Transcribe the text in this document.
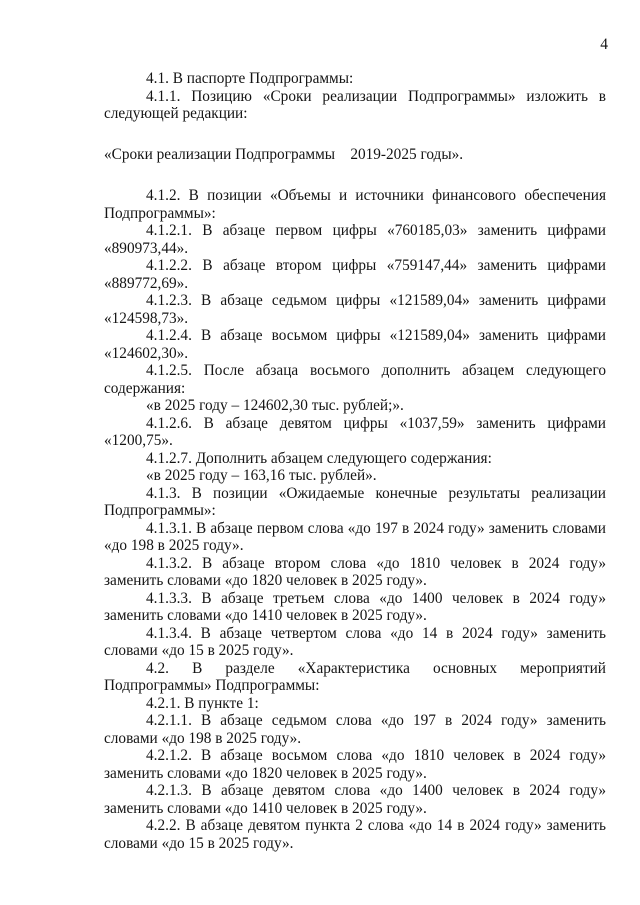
4

4.1. В паспорте Подпрограммы:

4.1.1. Позицию «Сроки реализации Подпрограммы» изложить в следующей редакции:

«Сроки реализации Подпрограммы    2019-2025 годы».

4.1.2. В позиции «Объемы и источники финансового обеспечения Подпрограммы»:

4.1.2.1. В абзаце первом цифры «760185,03» заменить цифрами «890973,44».

4.1.2.2. В абзаце втором цифры «759147,44» заменить цифрами «889772,69».

4.1.2.3. В абзаце седьмом цифры «121589,04» заменить цифрами «124598,73».

4.1.2.4. В абзаце восьмом цифры «121589,04» заменить цифрами «124602,30».

4.1.2.5. После абзаца восьмого дополнить абзацем следующего содержания:

«в 2025 году – 124602,30 тыс. рублей;».

4.1.2.6. В абзаце девятом цифры «1037,59» заменить цифрами «1200,75».

4.1.2.7. Дополнить абзацем следующего содержания:

«в 2025 году – 163,16 тыс. рублей».

4.1.3. В позиции «Ожидаемые конечные результаты реализации Подпрограммы»:

4.1.3.1. В абзаце первом слова «до 197 в 2024 году» заменить словами «до 198 в 2025 году».

4.1.3.2. В абзаце втором слова «до 1810 человек в 2024 году» заменить словами «до 1820 человек в 2025 году».

4.1.3.3. В абзаце третьем слова «до 1400 человек в 2024 году» заменить словами «до 1410 человек в 2025 году».

4.1.3.4. В абзаце четвертом слова «до 14 в 2024 году» заменить словами «до 15 в 2025 году».

4.2. В разделе «Характеристика основных мероприятий Подпрограммы» Подпрограммы:

4.2.1. В пункте 1:

4.2.1.1. В абзаце седьмом слова «до 197 в 2024 году» заменить словами «до 198 в 2025 году».

4.2.1.2. В абзаце восьмом слова «до 1810 человек в 2024 году» заменить словами «до 1820 человек в 2025 году».

4.2.1.3. В абзаце девятом слова «до 1400 человек в 2024 году» заменить словами «до 1410 человек в 2025 году».

4.2.2. В абзаце девятом пункта 2 слова «до 14 в 2024 году» заменить словами «до 15 в 2025 году».
